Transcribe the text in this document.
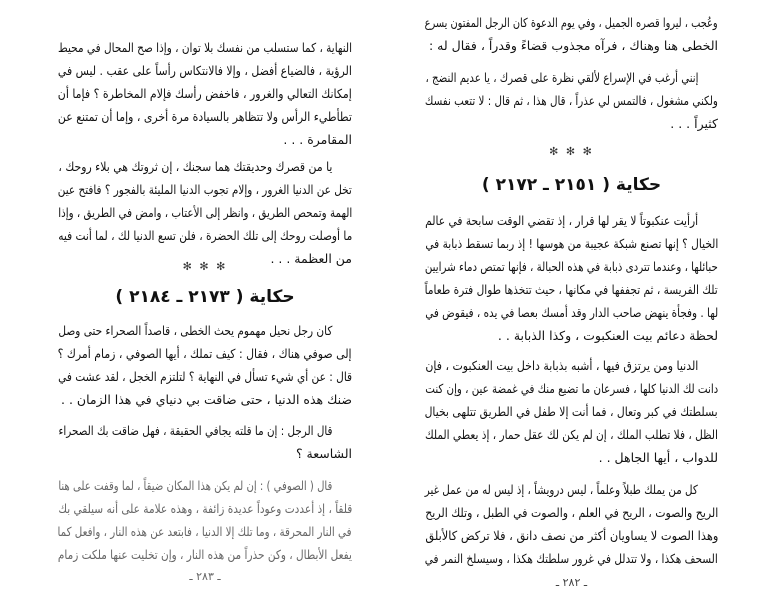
النهاية ، كما ستسلب من نفسك بلا توان ، وإذا صح المحال في محيط
الرؤية ، فالضياع أفضل ، وإلا فالانتكاس رأساً على عقب . ليس في
إمكانك التعالي والغرور ، فاخفض رأسك فإلام المخاطرة ؟ فإما أن
تطأطيء الرأس ولا تتظاهر بالسيادة مرة أخرى ، وإما أن تمتنع عن
المقامرة . . .
يا من قصرك وحديقتك هما سجنك ، إن ثروتك هي بلاء روحك ،
تخل عن الدنيا الغرور ، وإلام تجوب الدنيا المليئة بالفجور ؟ فافتح عين
الهمة وتمحص الطريق ، وانظر إلى الأعتاب ، وامض في الطريق ، وإذا
ما أوصلت روحك إلى تلك الحضرة ، فلن تسع الدنيا لك ، لما أنت فيه
من العظمة . . .
✻ ✻ ✻
حكاية ( ٢١٧٣ ـ ٢١٨٤ )
كان رجل نحيل مهموم يحث الخطى ، قاصداً الصحراء حتى وصل
إلى صوفي هناك ، فقال : كيف تملك ، أيها الصوفي ، زمام أمرك ؟
قال : عن أي شيء تسأل في النهاية ؟ لتلتزم الخجل ، لقد عشت في
ضنك هذه الدنيا ، حتى ضاقت بي دنياي في هذا الزمان . .
قال الرجل : إن ما قلته يجافي الحقيقة ، فهل ضاقت بك الصحراء
الشاسعة ؟
قال ( الصوفي ) : إن لم يكن هذا المكان ضيقاً ، لما وقفت على هنا
قلقاً ، إذ أعددت وعوداً عديدة زائفة ، وهذه علامة على أنه سيلقي بك
في النار المحرقة ، وما تلك إلا الدنيا ، فابتعد عن هذه النار ، وافعل كما
يفعل الأبطال ، وكن حذراً من هذه النار ، وإن تخليت عنها ملكت زمام
ـ ٢٨٣ ـ
وعُجب ، ليروا قصره الجميل ، وفي يوم الدعوة كان الرجل المفتون يسرع
الخطى هنا وهناك ، فرآه مجذوب قضاءً وقدراً ، فقال له :
إنني أرغب في الإسراع لألقي نظرة على قصرك ، يا عديم النضج ،
ولكني مشغول ، فالتمس لي عذراً ، قال هذا ، ثم قال : لا تتعب نفسك
كثيراً . . .
✻ ✻ ✻
حكاية ( ٢١٥١ ـ ٢١٧٢ )
أرأيت عنكبوتاً لا يقر لها قرار ، إذ تقضي الوقت سابحة في عالم
الخيال ؟ إنها تصنع شبكة عجيبة من هوسها ! إذ ربما تسقط ذبابة في
حبائلها ، وعندما تتردى ذبابة في هذه الحبالة ، فإنها تمتص دماء شرايين
تلك الفريسة ، ثم تجففها في مكانها ، حيث تتخذها طوال فترة طعاماً
لها . وفجأة ينهض صاحب الدار وقد أمسك بعصا في يده ، فيقوض في
لحظة دعائم بيت العنكبوت ، وكذا الذبابة . .
الدنيا ومن يرتزق فيها ، أشبه بذبابة داخل بيت العنكبوت ، فإن
دانت لك الدنيا كلها ، فسرعان ما تضيع منك في غمضة عين ، وإن كنت
بسلطتك في كبر وتعال ، فما أنت إلا طفل في الطريق تتلهى بخيال
الظل ، فلا تطلب الملك ، إن لم يكن لك عقل حمار ، إذ يعطي الملك
للدواب ، أيها الجاهل . .
كل من يملك طبلاً وعلماً ، ليس درويشاً ، إذ ليس له من عمل غير
الريح والصوت ، الريح في العلم ، والصوت في الطبل ، وتلك الريح
وهذا الصوت لا يساويان أكثر من نصف دانق ، فلا تركض كالأبلق
السحف هكذا ، ولا تتدلل في غرور سلطتك هكذا ، وسيسلخ النمر في
ـ ٢٨٢ ـ
